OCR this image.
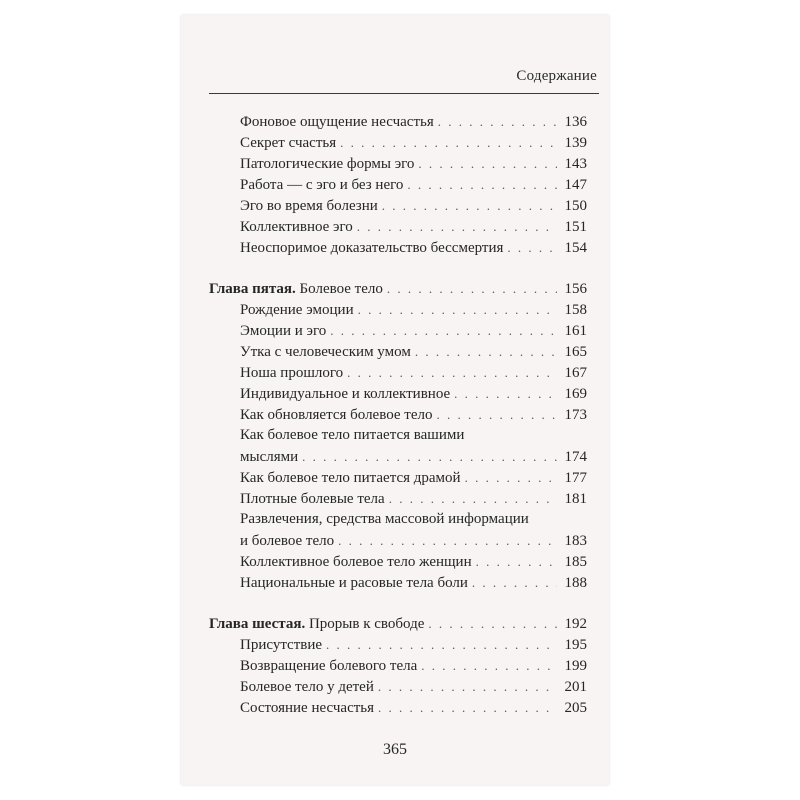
Содержание
Фоновое ощущение несчастья . . .	136
Секрет счастья . . .	139
Патологические формы эго . . .	143
Работа — с эго и без него . . .	147
Эго во время болезни . . .	150
Коллективное эго . . .	151
Неоспоримое доказательство бессмертия . . .	154
Глава пятая. Болевое тело . . .	156
Рождение эмоции . . .	158
Эмоции и эго . . .	161
Утка с человеческим умом . . .	165
Ноша прошлого . . .	167
Индивидуальное и коллективное . . .	169
Как обновляется болевое тело . . .	173
Как болевое тело питается вашими
мыслями . . .	174
Как болевое тело питается драмой . . .	177
Плотные болевые тела . . .	181
Развлечения, средства массовой информации
и болевое тело . . .	183
Коллективное болевое тело женщин . . .	185
Национальные и расовые тела боли . . .	188
Глава шестая. Прорыв к свободе . . .	192
Присутствие . . .	195
Возвращение болевого тела . . .	199
Болевое тело у детей . . .	201
Состояние несчастья . . .	205
365
